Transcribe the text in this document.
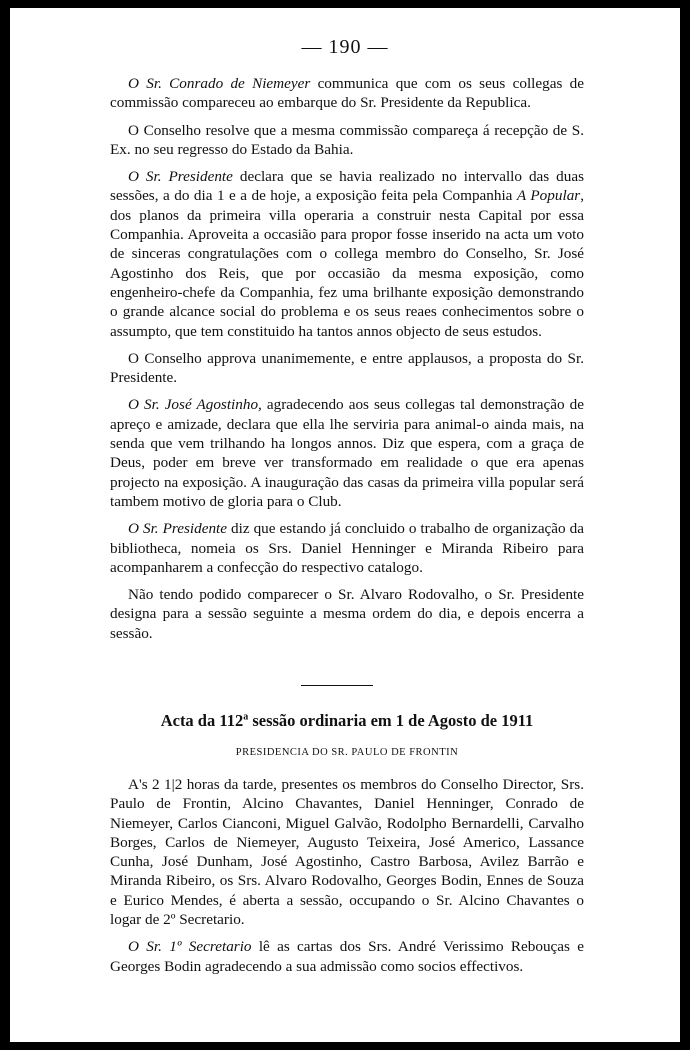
— 190 —

O Sr. Conrado de Niemeyer communica que com os seus collegas de commissão compareceu ao embarque do Sr. Presidente da Republica.

O Conselho resolve que a mesma commissão compareça á recepção de S. Ex. no seu regresso do Estado da Bahia.

O Sr. Presidente declara que se havia realizado no intervallo das duas sessões, a do dia 1 e a de hoje, a exposição feita pela Companhia A Popular, dos planos da primeira villa operaria a construir nesta Capital por essa Companhia. Aproveita a occasião para propor fosse inserido na acta um voto de sinceras congratulações com o collega membro do Conselho, Sr. José Agostinho dos Reis, que por occasião da mesma exposição, como engenheiro-chefe da Companhia, fez uma brilhante exposição demonstrando o grande alcance social do problema e os seus reaes conhecimentos sobre o assumpto, que tem constituido ha tantos annos objecto de seus estudos.

O Conselho approva unanimemente, e entre applausos, a proposta do Sr. Presidente.

O Sr. José Agostinho, agradecendo aos seus collegas tal demonstração de apreço e amizade, declara que ella lhe serviria para animal-o ainda mais, na senda que vem trilhando ha longos annos. Diz que espera, com a graça de Deus, poder em breve ver transformado em realidade o que era apenas projecto na exposição. A inauguração das casas da primeira villa popular será tambem motivo de gloria para o Club.

O Sr. Presidente diz que estando já concluido o trabalho de organização da bibliotheca, nomeia os Srs. Daniel Henninger e Miranda Ribeiro para acompanharem a confecção do respectivo catalogo.

Não tendo podido comparecer o Sr. Alvaro Rodovalho, o Sr. Presidente designa para a sessão seguinte a mesma ordem do dia, e depois encerra a sessão.

Acta da 112$^a$ sessão ordinaria em 1 de Agosto de 1911
PRESIDENCIA DO SR. PAULO DE FRONTIN

A's 2 1|2 horas da tarde, presentes os membros do Conselho Director, Srs. Paulo de Frontin, Alcino Chavantes, Daniel Henninger, Conrado de Niemeyer, Carlos Cianconi, Miguel Galvão, Rodolpho Bernardelli, Carvalho Borges, Carlos de Niemeyer, Augusto Teixeira, José Americo, Lassance Cunha, José Dunham, José Agostinho, Castro Barbosa, Avilez Barrão e Miranda Ribeiro, os Srs. Alvaro Rodovalho, Georges Bodin, Ennes de Souza e Eurico Mendes, é aberta a sessão, occupando o Sr. Alcino Chavantes o logar de 2º Secretario.

O Sr. 1º Secretario lê as cartas dos Srs. André Verissimo Rebouças e Georges Bodin agradecendo a sua admissão como socios effectivos.
